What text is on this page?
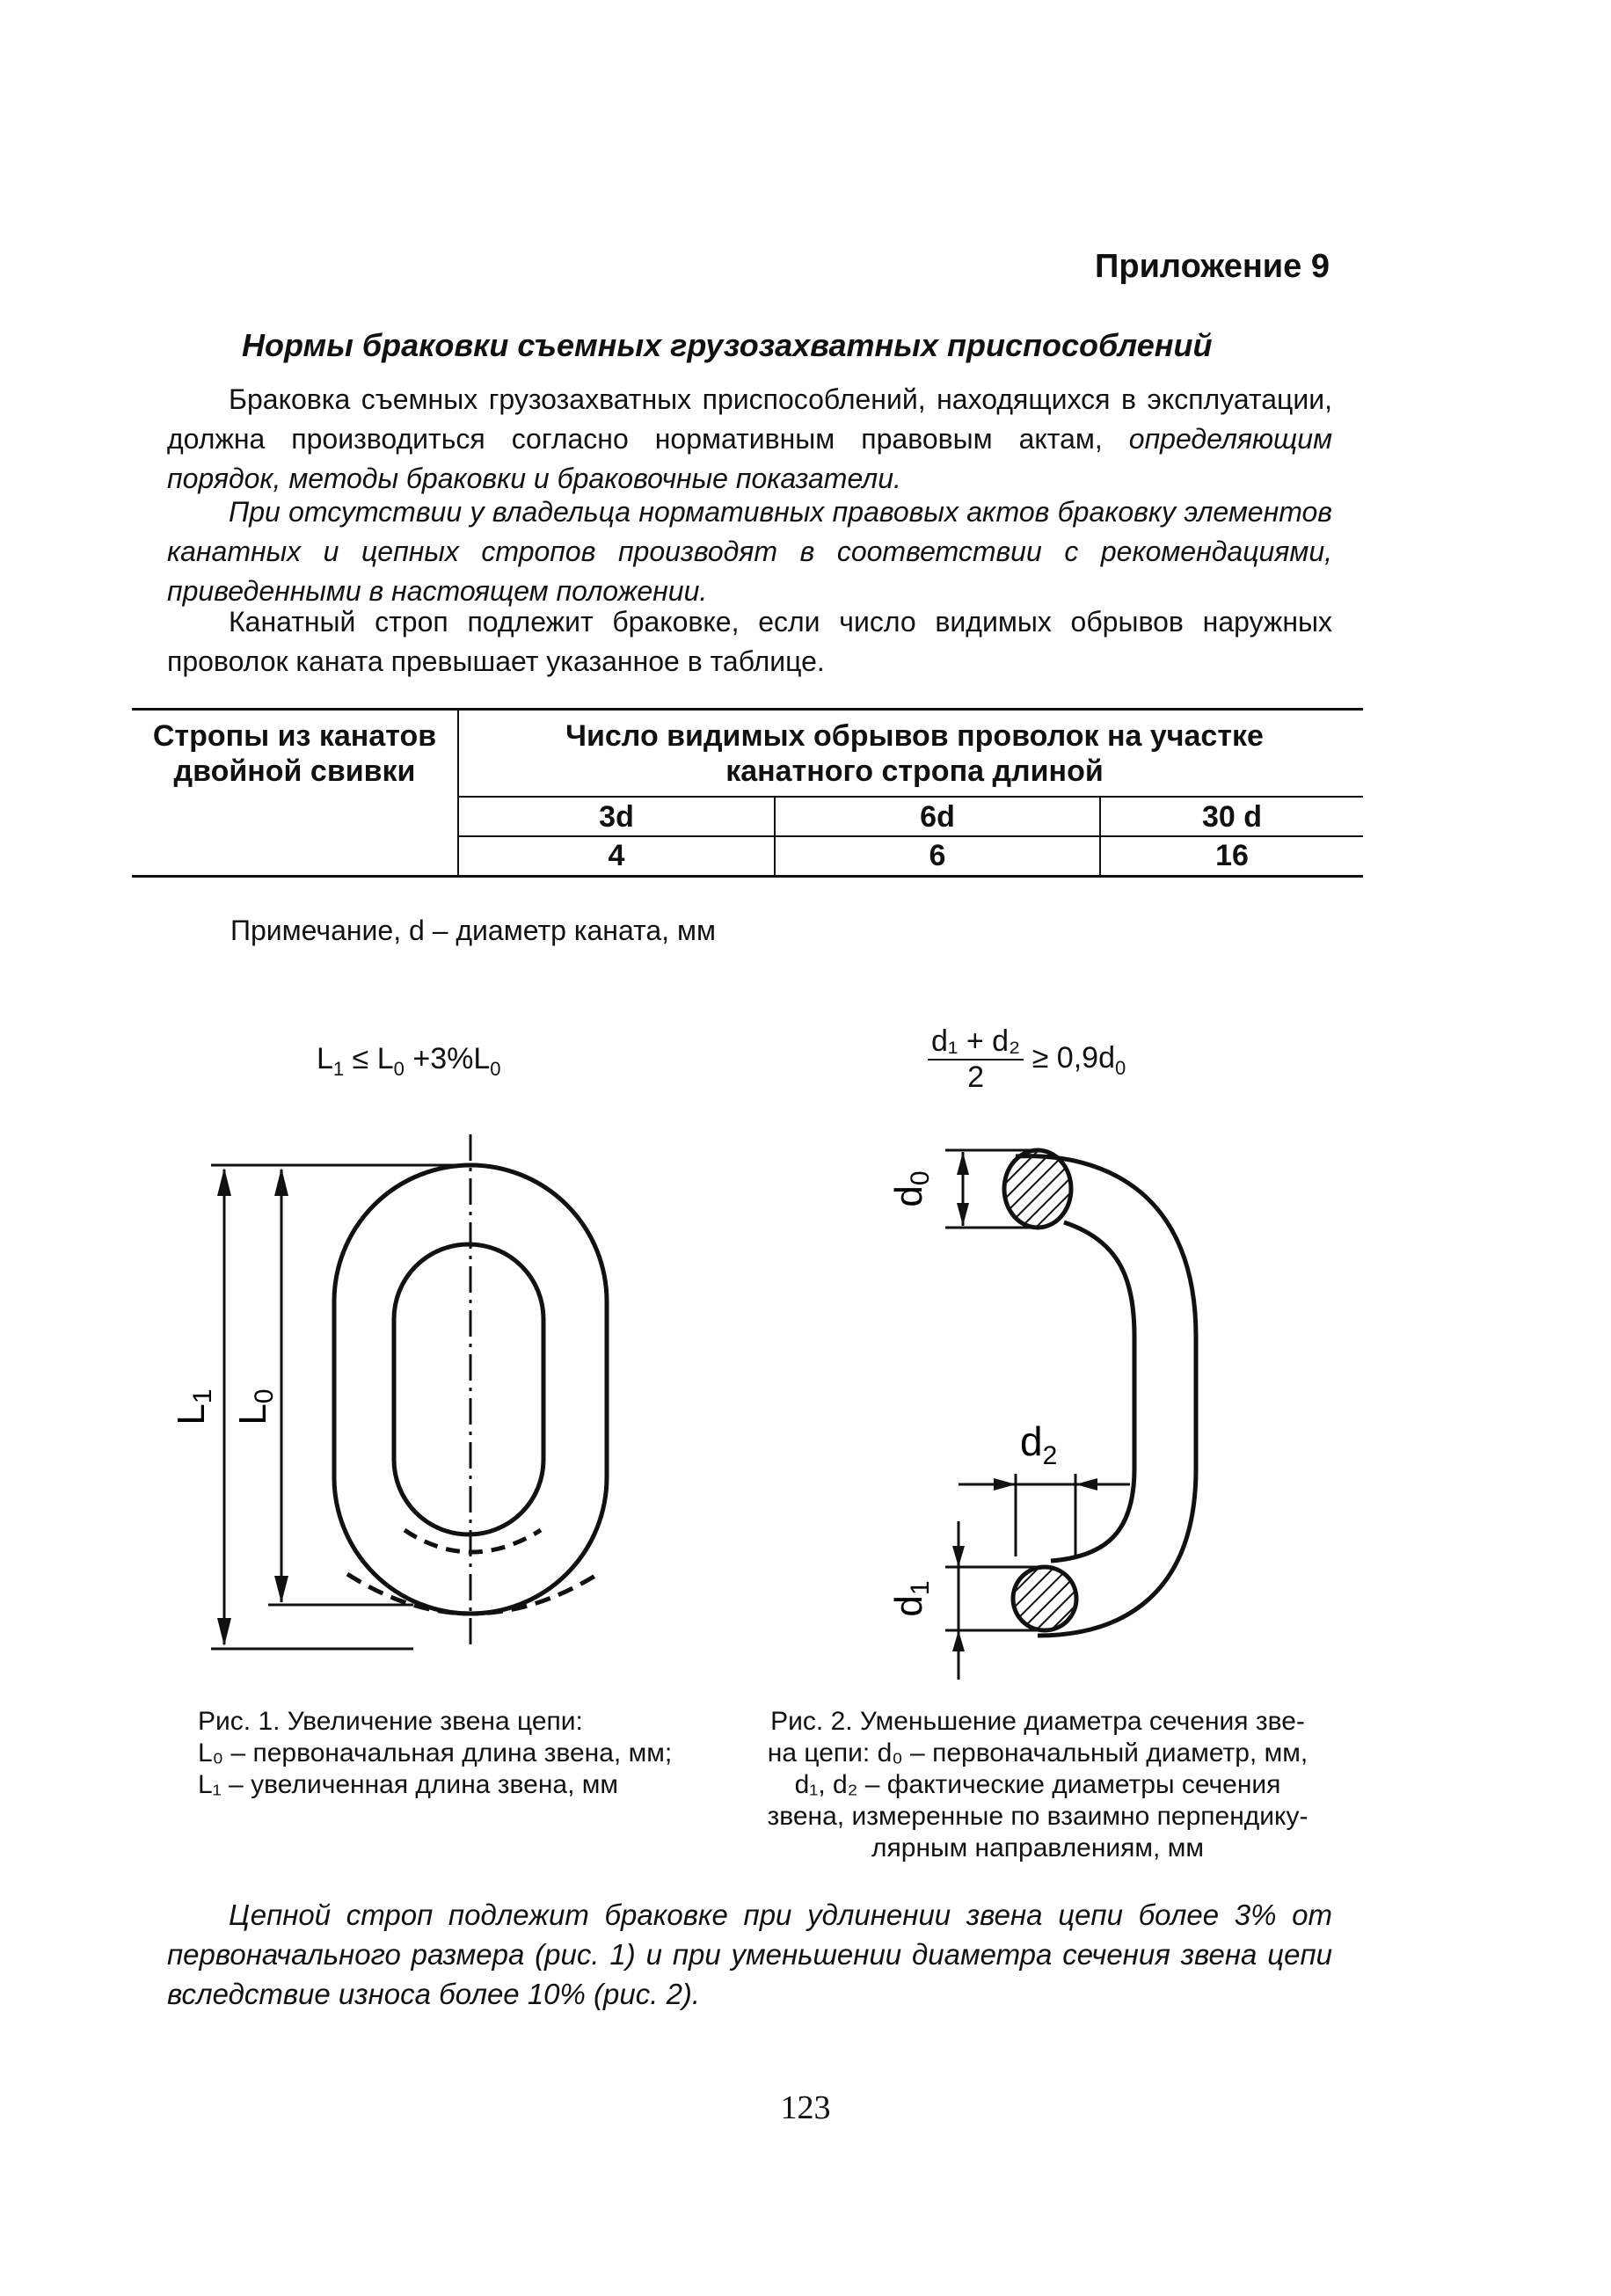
Приложение 9
Нормы браковки съемных грузозахватных приспособлений
Браковка съемных грузозахватных приспособлений, находящихся в эксплуатации, должна производиться согласно нормативным правовым актам, определяющим порядок, методы браковки и браковочные показатели.
При отсутствии у владельца нормативных правовых актов браковку элементов канатных и цепных стропов производят в соответствии с рекомендациями, приведенными в настоящем положении.
Канатный строп подлежит браковке, если число видимых обрывов наружных проволок каната превышает указанное в таблице.
Стропы из канатов двойной свивки
Число видимых обрывов проволок на участке канатного стропа длиной
3d	6d	30 d
4	6	16
Примечание, d – диаметр каната, мм
$L_1 \le L_0 +3\%L_0$	$\frac{\text{d₁ + d₂}}{2} \ge 0,9d_0$
L1
L0
d0
$d_2$
d1
Рис. 1. Увеличение звена цепи:
L₀ – первоначальная длина звена, мм;
L₁ – увеличенная длина звена, мм
Рис. 2. Уменьшение диаметра сечения зве-
на цепи: d₀ – первоначальный диаметр, мм,
d₁, d₂ – фактические диаметры сечения
звена, измеренные по взаимно перпендику-
лярным направлениям, мм
Цепной строп подлежит браковке при удлинении звена цепи более 3% от первоначального размера (рис. 1) и при уменьшении диаметра сечения звена цепи вследствие износа более 10% (рис. 2).
123
